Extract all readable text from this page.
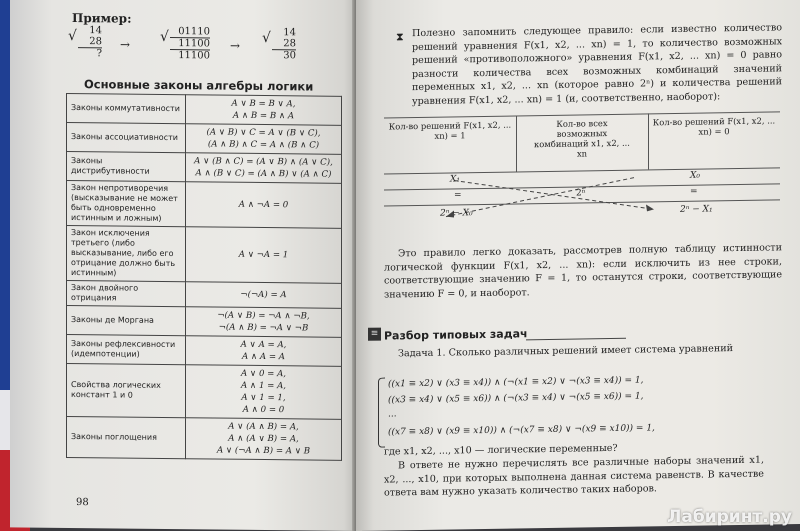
Пример:
√	14
28
?
→ √ 01110
11100
11100
→ √	14
28
30
Основные законы алгебры логики
Законы коммутативности	A ∨ B = B ∨ A,
A ∧ B = B ∧ A

Законы ассоциативности	(A ∨ B) ∨ C = A ∨ (B ∨ C),
(A ∧ B) ∧ C = A ∧ (B ∧ C)

Законы дистрибутивности	A ∨ (B ∧ C) = (A ∨ B) ∧ (A ∨ C),
A ∧ (B ∨ C) = (A ∧ B) ∨ (A ∧ C)

Закон непротиворечия (высказывание не может быть одновременно истинным и ложным)	A ∧ ¬A = 0

Закон исключения третьего (либо высказывание, либо его отрицание должно быть истинным)	A ∨ ¬A = 1

Закон двойного отрицания	¬(¬A) = A

Законы де Моргана	¬(A ∨ B) = ¬A ∧ ¬B,
¬(A ∧ B) = ¬A ∨ ¬B

Законы рефлексивности (идемпотенции)	A ∨ A = A,
A ∧ A = A

Свойства логических констант 1 и 0	A ∨ 0 = A,
A ∧ 1 = A,
A ∨ 1 = 1,
A ∧ 0 = 0

Законы поглощения	A ∨ (A ∧ B) = A,
A ∧ (A ∨ B) = A,
A ∨ (¬A ∧ B) = A ∨ B
98
⧗ Полезно запомнить следующее правило: если известно количество решений уравнения F(x1, x2, ... xn) = 1, то количество возможных решений «противоположного» уравнения F(x1, x2, ... xn) = 0 равно разности количества всех возможных комбинаций значений переменных x1, x2, ... xn (которое равно 2ⁿ) и количества решений уравнения F(x1, x2, ... xn) = 1 (и, соответственно, наоборот):
Кол-во решений F(x1, x2, ... xn) = 1
Кол-во всех возможных комбинаций x1, x2, ... xn
Кол-во решений F(x1, x2, ... xn) = 0
X₁	X₀
=	2ⁿ	=
2ⁿ − X₀	2ⁿ − X₁
Это правило легко доказать, рассмотрев полную таблицу истинности логической функции F(x1, x2, ... xn): если исключить из нее строки, соответствующие значению F = 1, то останутся строки, соответствующие значению F = 0, и наоборот.
≡ Разбор типовых задач
Задача 1. Сколько различных решений имеет система уравнений
((x1 ≡ x2) ∨ (x3 ≡ x4)) ∧ (¬(x1 ≡ x2) ∨ ¬(x3 ≡ x4)) = 1,
((x3 ≡ x4) ∨ (x5 ≡ x6)) ∧ (¬(x3 ≡ x4) ∨ ¬(x5 ≡ x6)) = 1,
...
((x7 ≡ x8) ∨ (x9 ≡ x10)) ∧ (¬(x7 ≡ x8) ∨ ¬(x9 ≡ x10)) = 1,
где x1, x2, ..., x10 — логические переменные?
В ответе не нужно перечислять все различные наборы значений x1, x2, ..., x10, при которых выполнена данная система равенств. В качестве ответа вам нужно указать количество таких наборов.
Лабиринт.ру
